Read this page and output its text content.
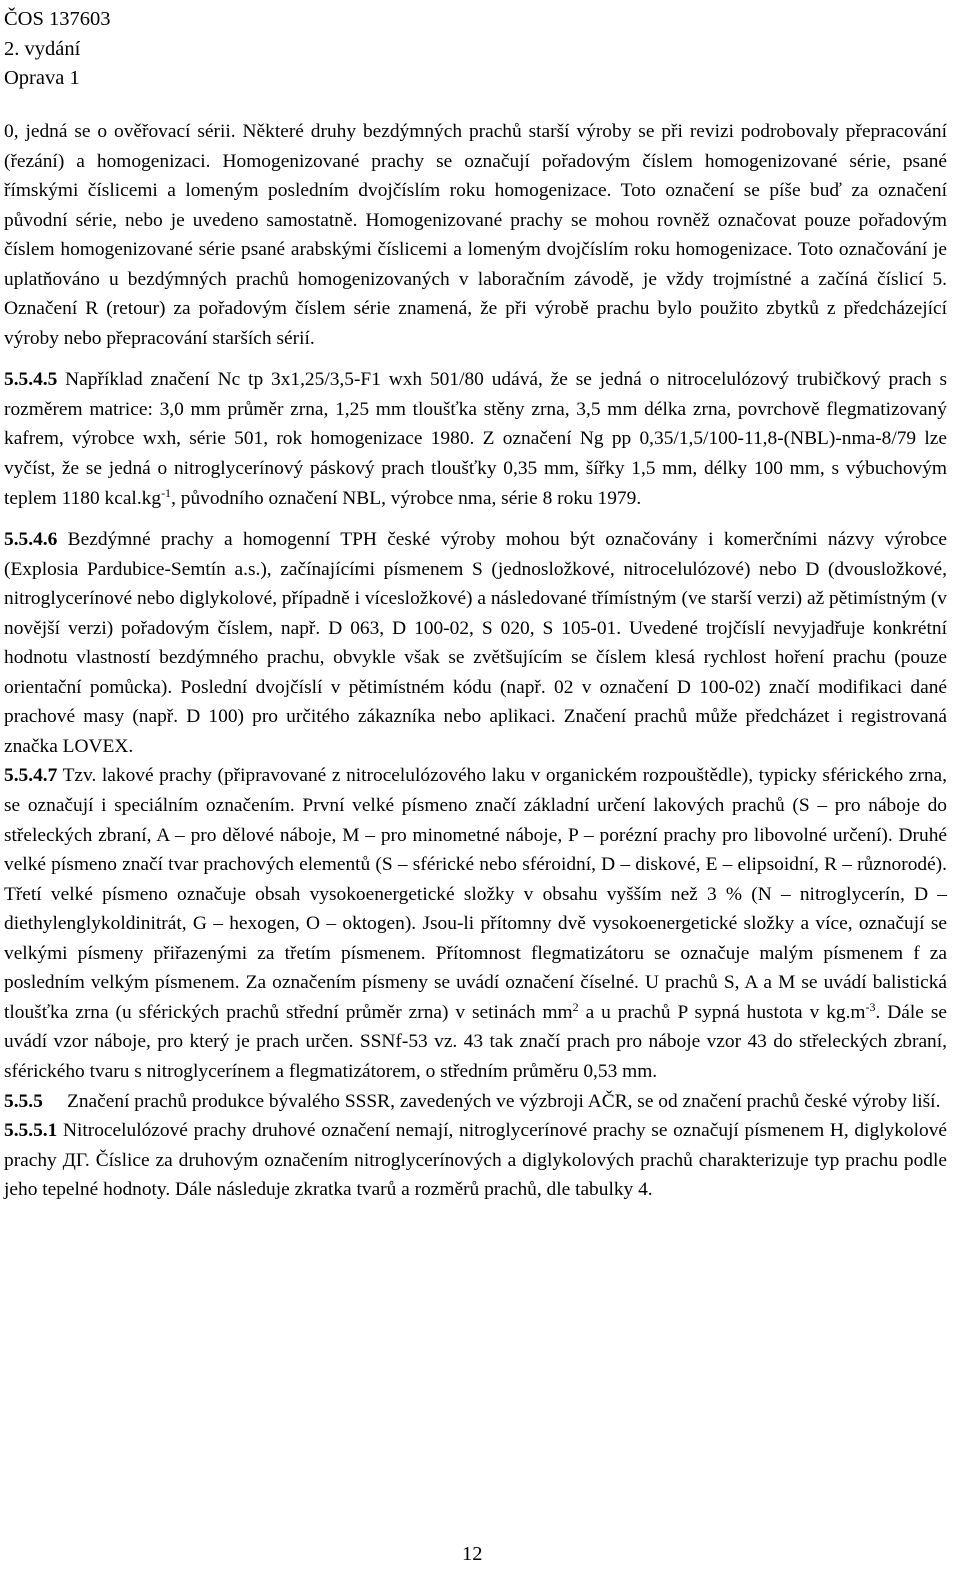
ČOS 137603
2. vydání
Oprava 1

0, jedná se o ověřovací sérii. Některé druhy bezdýmných prachů starší výroby se při revizi podrobovaly přepracování (řezání) a homogenizaci. Homogenizované prachy se označují pořadovým číslem homogenizované série, psané římskými číslicemi a lomeným posledním dvojčíslím roku homogenizace. Toto označení se píše buď za označení původní série, nebo je uvedeno samostatně. Homogenizované prachy se mohou rovněž označovat pouze pořadovým číslem homogenizované série psané arabskými číslicemi a lomeným dvojčíslím roku homogenizace. Toto označování je uplatňováno u bezdýmných prachů homogenizovaných v laboračním závodě, je vždy trojmístné a začíná číslicí 5. Označení R (retour) za pořadovým číslem série znamená, že při výrobě prachu bylo použito zbytků z předcházející výroby nebo přepracování starších sérií.

5.5.4.5 Například značení Nc tp 3x1,25/3,5-F1 wxh 501/80 udává, že se jedná o nitrocelulózový trubičkový prach s rozměrem matrice: 3,0 mm průměr zrna, 1,25 mm tloušťka stěny zrna, 3,5 mm délka zrna, povrchově flegmatizovaný kafrem, výrobce wxh, série 501, rok homogenizace 1980. Z označení Ng pp 0,35/1,5/100-11,8-(NBL)-nma-8/79 lze vyčíst, že se jedná o nitroglycerínový páskový prach tloušťky 0,35 mm, šířky 1,5 mm, délky 100 mm, s výbuchovým teplem 1180 $kcal.kg^{-1}$, původního označení NBL, výrobce nma, série 8 roku 1979.

5.5.4.6 Bezdýmné prachy a homogenní TPH české výroby mohou být označovány i komerčními názvy výrobce (Explosia Pardubice-Semtín a.s.), začínajícími písmenem S (jednosložkové, nitrocelulózové) nebo D (dvousložkové, nitroglycerínové nebo diglykolové, případně i vícesložkové) a následované třímístným (ve starší verzi) až pětimístným (v novější verzi) pořadovým číslem, např. D 063, D 100-02, S 020, S 105-01. Uvedené trojčíslí nevyjadřuje konkrétní hodnotu vlastností bezdýmného prachu, obvykle však se zvětšujícím se číslem klesá rychlost hoření prachu (pouze orientační pomůcka). Poslední dvojčíslí v pětimístném kódu (např. 02 v označení D 100-02) značí modifikaci dané prachové masy (např. D 100) pro určitého zákazníka nebo aplikaci. Značení prachů může předcházet i registrovaná značka LOVEX.

5.5.4.7 Tzv. lakové prachy (připravované z nitrocelulózového laku v organickém rozpouštědle), typicky sférického zrna, se označují i speciálním označením. První velké písmeno značí základní určení lakových prachů (S – pro náboje do střeleckých zbraní, A – pro dělové náboje, M – pro minometné náboje, P – porézní prachy pro libovolné určení). Druhé velké písmeno značí tvar prachových elementů (S – sférické nebo sféroidní, D – diskové, E – elipsoidní, R – různorodé). Třetí velké písmeno označuje obsah vysokoenergetické složky v obsahu vyšším než 3 % (N – nitroglycerín, D – diethylenglykoldinitrát, G – hexogen, O – oktogen). Jsou-li přítomny dvě vysokoenergetické složky a více, označují se velkými písmeny přiřazenými za třetím písmenem. Přítomnost flegmatizátoru se označuje malým písmenem f za posledním velkým písmenem. Za označením písmeny se uvádí označení číselné. U prachů S, A a M se uvádí balistická tloušťka zrna (u sférických prachů střední průměr zrna) v setinách $mm^2$ a u prachů P sypná hustota v $kg.m^{-3}$. Dále se uvádí vzor náboje, pro který je prach určen. SSNf-53 vz. 43 tak značí prach pro náboje vzor 43 do střeleckých zbraní, sférického tvaru s nitroglycerínem a flegmatizátorem, o středním průměru 0,53 mm.

5.5.5     Značení prachů produkce bývalého SSSR, zavedených ve výzbroji AČR, se od značení prachů české výroby liší.

5.5.5.1 Nitrocelulózové prachy druhové označení nemají, nitroglycerínové prachy se označují písmenem H, diglykolové prachy ДГ. Číslice za druhovým označením nitroglycerínových a diglykolových prachů charakterizuje typ prachu podle jeho tepelné hodnoty. Dále následuje zkratka tvarů a rozměrů prachů, dle tabulky 4.

12
